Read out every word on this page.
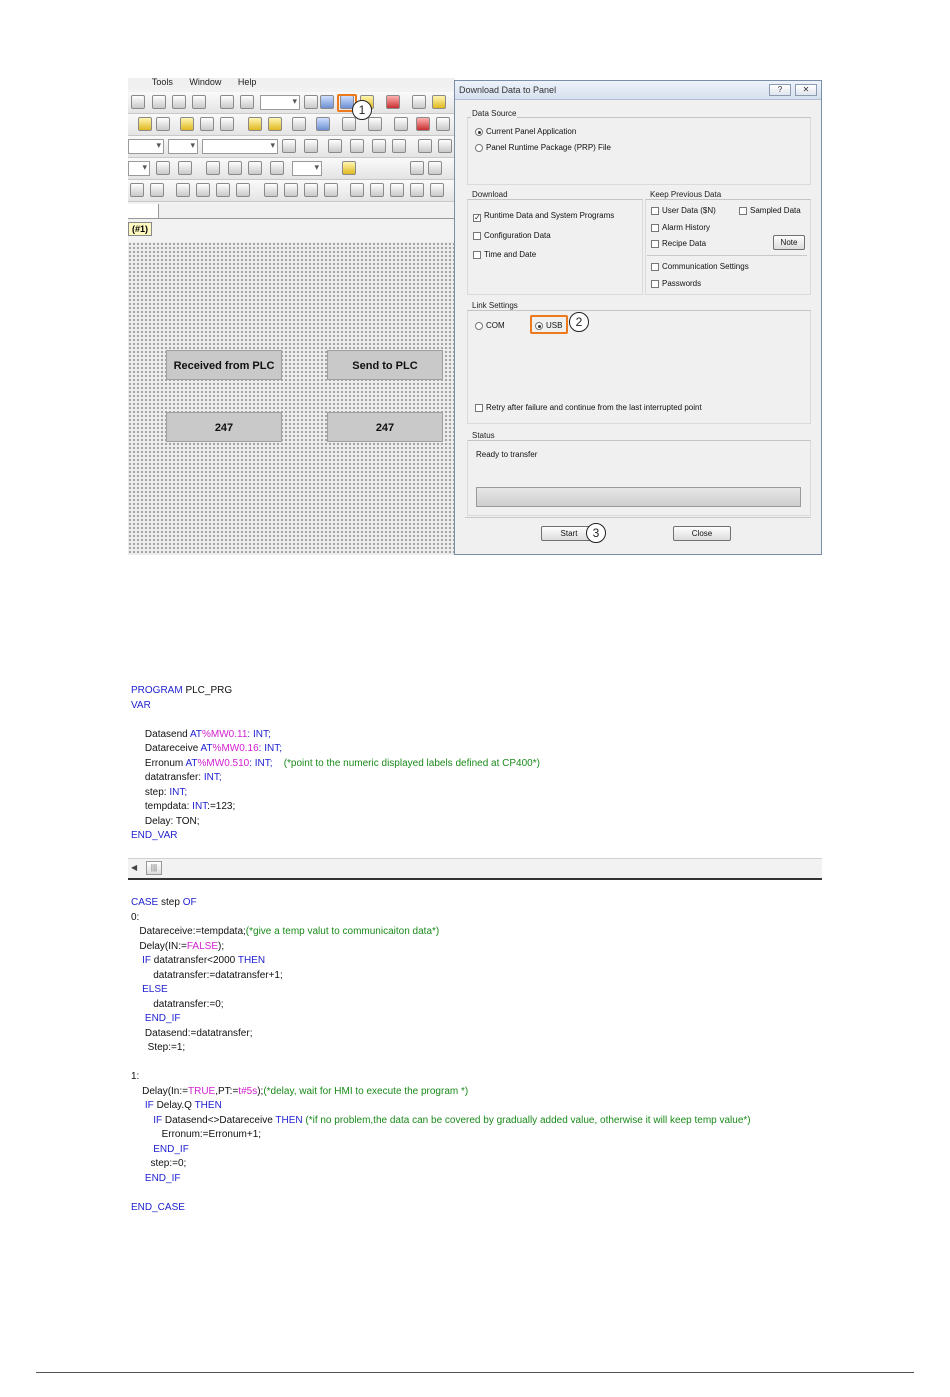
Tools Window Help
▾
▾
▾
▾
▾
▾
(#1)
Received from PLC	Send to PLC
247	247
1
Download Data to Panel	?	✕
Data Source
Current Panel Application
Panel Runtime Package (PRP) File
Download
✓ Runtime Data and System Programs
Configuration Data
Time and Date
Keep Previous Data
User Data ($N)	Sampled Data
Alarm History
Recipe Data	Note
Communication Settings
Passwords
Link Settings
COM	USB	2
Retry after failure and continue from the last interrupted point
Status
Ready to transfer
Start	3	Close
PROGRAM PLC_PRG
VAR

Datasend AT%MW0.11: INT;
Datareceive AT%MW0.16: INT;
Erronum AT%MW0.510: INT; (*point to the numeric displayed labels defined at CP400*)
datatransfer: INT;
step: INT;
tempdata: INT:=123;
Delay: TON;
END_VAR
◀	|||
CASE step OF
0:
Datareceive:=tempdata;(*give a temp valut to communicaiton data*)
Delay(IN:=FALSE);
IF datatransfer<2000 THEN
datatransfer:=datatransfer+1;
ELSE
datatransfer:=0;
END_IF
Datasend:=datatransfer;
Step:=1;

1:
Delay(In:=TRUE,PT:=t#5s);(*delay, wait for HMI to execute the program *)
IF Delay.Q THEN
IF Datasend<>Datareceive THEN (*if no problem,the data can be covered by gradually added value, otherwise it will keep temp value*)
Erronum:=Erronum+1;
END_IF
step:=0;
END_IF

END_CASE
